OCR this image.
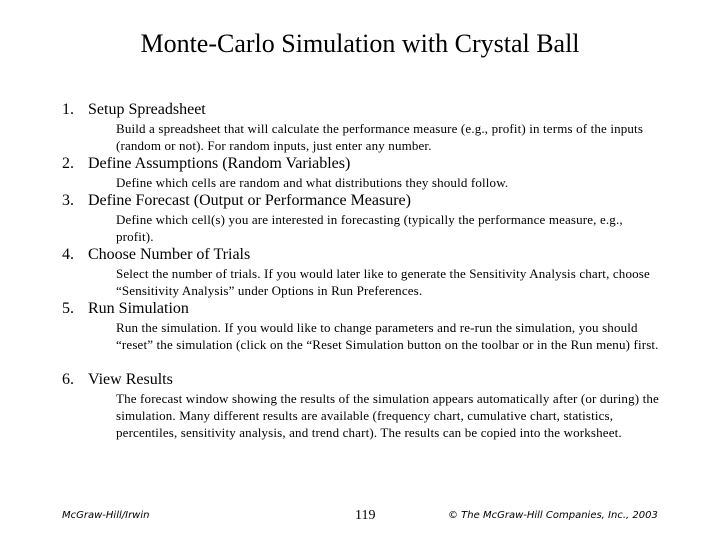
Monte-Carlo Simulation with Crystal Ball
1. Setup Spreadsheet
Build a spreadsheet that will calculate the performance measure (e.g., profit) in terms of the inputs (random or not). For random inputs, just enter any number.
2. Define Assumptions (Random Variables)
Define which cells are random and what distributions they should follow.
3. Define Forecast (Output or Performance Measure)
Define which cell(s) you are interested in forecasting (typically the performance measure, e.g., profit).
4. Choose Number of Trials
Select the number of trials. If you would later like to generate the Sensitivity Analysis chart, choose “Sensitivity Analysis” under Options in Run Preferences.
5. Run Simulation
Run the simulation. If you would like to change parameters and re-run the simulation, you should “reset” the simulation (click on the “Reset Simulation button on the toolbar or in the Run menu) first.
6. View Results
The forecast window showing the results of the simulation appears automatically after (or during) the simulation. Many different results are available (frequency chart, cumulative chart, statistics, percentiles, sensitivity analysis, and trend chart). The results can be copied into the worksheet.
McGraw-Hill/Irwin	119	© The McGraw-Hill Companies, Inc., 2003
